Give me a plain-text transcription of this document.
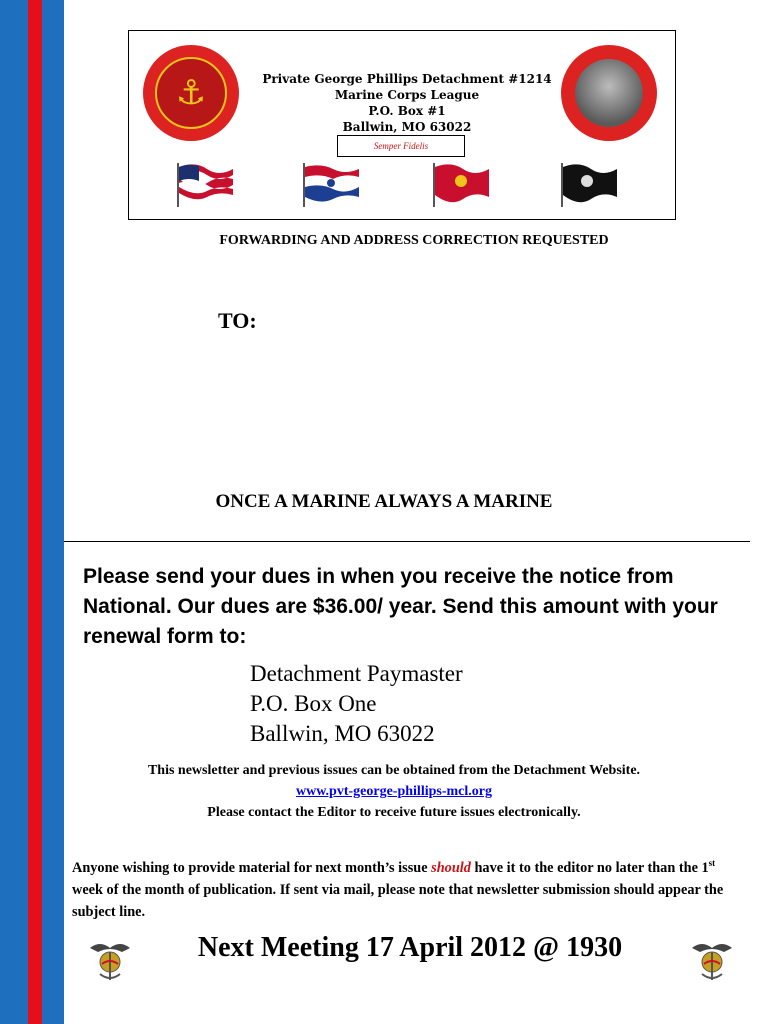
⚓	Private George Phillips Detachment #1214
Marine Corps League
P.O. Box #1
Ballwin, MO 63022
Semper Fidelis
FORWARDING AND ADDRESS CORRECTION REQUESTED
TO:
ONCE A MARINE ALWAYS A MARINE
Please send your dues in when you receive the notice from National. Our dues are $36.00/ year. Send this amount with your renewal form to:
Detachment Paymaster
P.O. Box One
Ballwin, MO 63022
This newsletter and previous issues can be obtained from the Detachment Website.
www.pvt-george-phillips-mcl.org
Please contact the Editor to receive future issues electronically.
Anyone wishing to provide material for next month’s issue should have it to the editor no later than the 1st week of the month of publication. If sent via mail, please note that newsletter submission should appear the subject line.
Next Meeting 17 April 2012 @ 1930
